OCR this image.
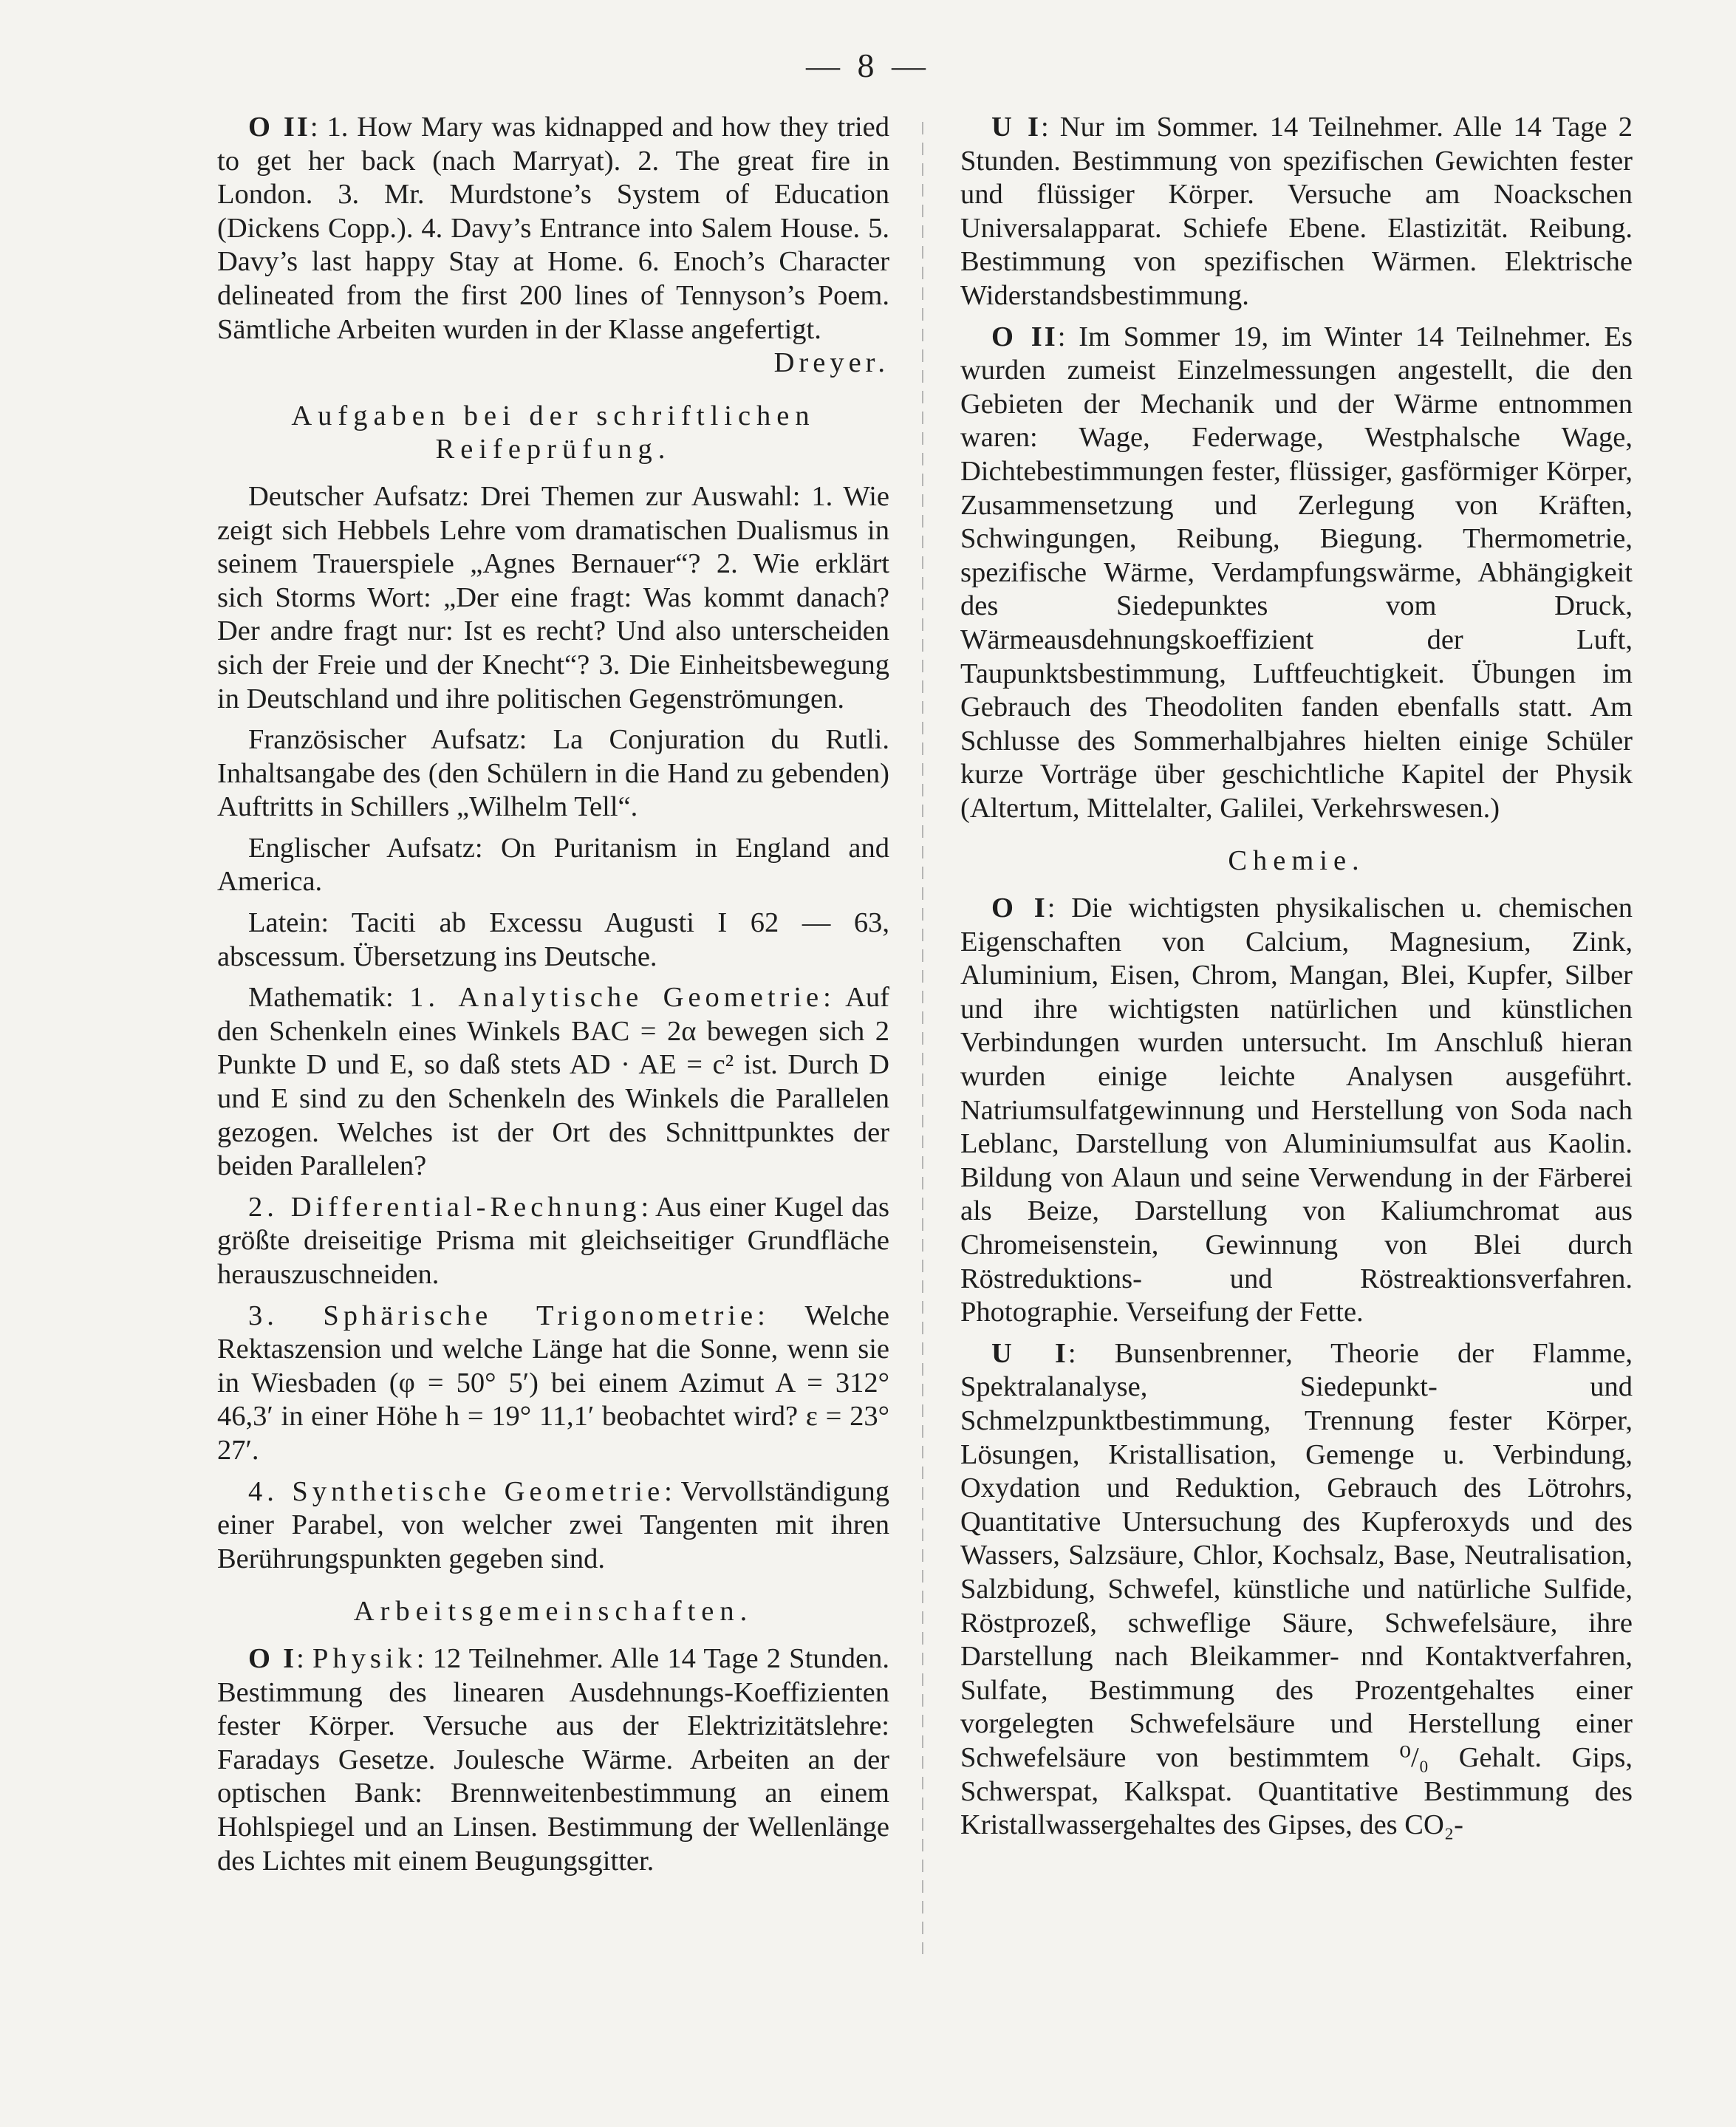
— 8 —

O II: 1. How Mary was kidnapped and how they tried to get her back (nach Marryat). 2. The great fire in London. 3. Mr. Murdstone’s System of Education (Dickens Copp.). 4. Davy’s Entrance into Salem House. 5. Davy’s last happy Stay at Home. 6. Enoch’s Character delineated from the first 200 lines of Tennyson’s Poem. Sämtliche Arbeiten wurden in der Klasse angefertigt.
Dreyer.

Aufgaben bei der schriftlichen Reifeprüfung.

Deutscher Aufsatz: Drei Themen zur Auswahl: 1. Wie zeigt sich Hebbels Lehre vom dramatischen Dualismus in seinem Trauerspiele „Agnes Bernauer“? 2. Wie erklärt sich Storms Wort: „Der eine fragt: Was kommt danach? Der andre fragt nur: Ist es recht? Und also unterscheiden sich der Freie und der Knecht“? 3. Die Einheitsbewegung in Deutschland und ihre politischen Gegenströmungen.

Französischer Aufsatz: La Conjuration du Rutli. Inhaltsangabe des (den Schülern in die Hand zu gebenden) Auftritts in Schillers „Wilhelm Tell“.

Englischer Aufsatz: On Puritanism in England and America.

Latein: Taciti ab Excessu Augusti I 62 — 63, abscessum. Übersetzung ins Deutsche.

Mathematik: 1. Analytische Geometrie: Auf den Schenkeln eines Winkels BAC = 2α bewegen sich 2 Punkte D und E, so daß stets AD · AE = c² ist. Durch D und E sind zu den Schenkeln des Winkels die Parallelen gezogen. Welches ist der Ort des Schnittpunktes der beiden Parallelen?

2. Differential-Rechnung: Aus einer Kugel das größte dreiseitige Prisma mit gleichseitiger Grundfläche herauszuschneiden.

3. Sphärische Trigonometrie: Welche Rektaszension und welche Länge hat die Sonne, wenn sie in Wiesbaden (φ = 50° 5′) bei einem Azimut A = 312° 46,3′ in einer Höhe h = 19° 11,1′ beobachtet wird? ε = 23° 27′.

4. Synthetische Geometrie: Vervollständigung einer Parabel, von welcher zwei Tangenten mit ihren Berührungspunkten gegeben sind.

Arbeitsgemeinschaften.

O I: Physik: 12 Teilnehmer. Alle 14 Tage 2 Stunden. Bestimmung des linearen Ausdehnungs-Koeffizienten fester Körper. Versuche aus der Elektrizitätslehre: Faradays Gesetze. Joulesche Wärme. Arbeiten an der optischen Bank: Brennweitenbestimmung an einem Hohlspiegel und an Linsen. Bestimmung der Wellenlänge des Lichtes mit einem Beugungsgitter.

U I: Nur im Sommer. 14 Teilnehmer. Alle 14 Tage 2 Stunden. Bestimmung von spezifischen Gewichten fester und flüssiger Körper. Versuche am Noackschen Universalapparat. Schiefe Ebene. Elastizität. Reibung. Bestimmung von spezifischen Wärmen. Elektrische Widerstandsbestimmung.

O II: Im Sommer 19, im Winter 14 Teilnehmer. Es wurden zumeist Einzelmessungen angestellt, die den Gebieten der Mechanik und der Wärme entnommen waren: Wage, Federwage, Westphalsche Wage, Dichtebestimmungen fester, flüssiger, gasförmiger Körper, Zusammensetzung und Zerlegung von Kräften, Schwingungen, Reibung, Biegung. Thermometrie, spezifische Wärme, Verdampfungswärme, Abhängigkeit des Siedepunktes vom Druck, Wärmeausdehnungskoeffizient der Luft, Taupunktsbestimmung, Luftfeuchtigkeit. Übungen im Gebrauch des Theodoliten fanden ebenfalls statt. Am Schlusse des Sommerhalbjahres hielten einige Schüler kurze Vorträge über geschichtliche Kapitel der Physik (Altertum, Mittelalter, Galilei, Verkehrswesen.)

Chemie.

O I: Die wichtigsten physikalischen u. chemischen Eigenschaften von Calcium, Magnesium, Zink, Aluminium, Eisen, Chrom, Mangan, Blei, Kupfer, Silber und ihre wichtigsten natürlichen und künstlichen Verbindungen wurden untersucht. Im Anschluß hieran wurden einige leichte Analysen ausgeführt. Natriumsulfatgewinnung und Herstellung von Soda nach Leblanc, Darstellung von Aluminiumsulfat aus Kaolin. Bildung von Alaun und seine Verwendung in der Färberei als Beize, Darstellung von Kaliumchromat aus Chromeisenstein, Gewinnung von Blei durch Röstreduktions- und Röstreaktionsverfahren. Photographie. Verseifung der Fette.

U I: Bunsenbrenner, Theorie der Flamme, Spektralanalyse, Siedepunkt- und Schmelzpunktbestimmung, Trennung fester Körper, Lösungen, Kristallisation, Gemenge u. Verbindung, Oxydation und Reduktion, Gebrauch des Lötrohrs, Quantitative Untersuchung des Kupferoxyds und des Wassers, Salzsäure, Chlor, Kochsalz, Base, Neutralisation, Salzbidung, Schwefel, künstliche und natürliche Sulfide, Röstprozeß, schweflige Säure, Schwefelsäure, ihre Darstellung nach Bleikammer- nnd Kontaktverfahren, Sulfate, Bestimmung des Prozentgehaltes einer vorgelegten Schwefelsäure und Herstellung einer Schwefelsäure von bestimmtem ⁰/₀ Gehalt. Gips, Schwerspat, Kalkspat. Quantitative Bestimmung des Kristallwassergehaltes des Gipses, des CO₂-
